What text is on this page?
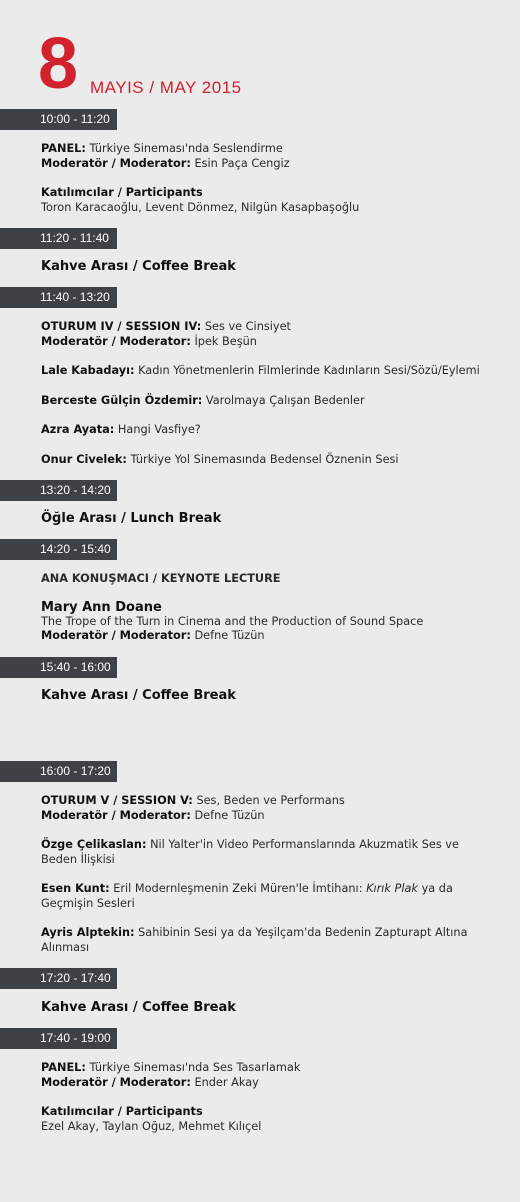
8 MAYIS / MAY 2015
10:00 - 11:20
PANEL: Türkiye Sineması'nda Seslendirme
Moderatör / Moderator: Esin Paça Cengiz
Katılımcılar / Participants
Toron Karacaoğlu, Levent Dönmez, Nilgün Kasapbaşoğlu
11:20 - 11:40
Kahve Arası / Coffee Break
11:40 - 13:20
OTURUM IV / SESSION IV: Ses ve Cinsiyet
Moderatör / Moderator: İpek Beşün
Lale Kabadayı: Kadın Yönetmenlerin Filmlerinde Kadınların Sesi/Sözü/Eylemi
Berceste Gülçin Özdemir: Varolmaya Çalışan Bedenler
Azra Ayata: Hangi Vasfiye?
Onur Civelek: Türkiye Yol Sinemasında Bedensel Öznenin Sesi
13:20 - 14:20
Öğle Arası / Lunch Break
14:20 - 15:40
ANA KONUŞMACI / KEYNOTE LECTURE
Mary Ann Doane
The Trope of the Turn in Cinema and the Production of Sound Space
Moderatör / Moderator: Defne Tüzün
15:40 - 16:00
Kahve Arası / Coffee Break
16:00 - 17:20
OTURUM V / SESSION V: Ses, Beden ve Performans
Moderatör / Moderator: Defne Tüzün
Özge Çelikaslan: Nil Yalter'in Video Performanslarında Akuzmatik Ses ve
Beden İlişkisi
Esen Kunt: Eril Modernleşmenin Zeki Müren'le İmtihanı: Kırık Plak ya da
Geçmişin Sesleri
Ayris Alptekin: Sahibinin Sesi ya da Yeşilçam'da Bedenin Zapturapt Altına
Alınması
17:20 - 17:40
Kahve Arası / Coffee Break
17:40 - 19:00
PANEL: Türkiye Sineması'nda Ses Tasarlamak
Moderatör / Moderator: Ender Akay
Katılımcılar / Participants
Ezel Akay, Taylan Oğuz, Mehmet Kılıçel
